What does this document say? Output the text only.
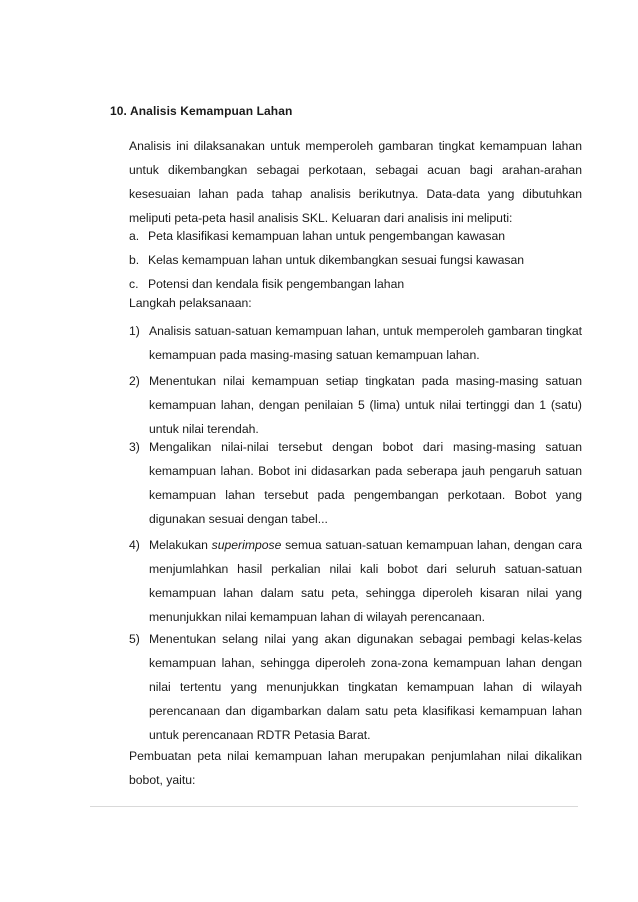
10. Analisis Kemampuan Lahan

Analisis ini dilaksanakan untuk memperoleh gambaran tingkat kemampuan lahan untuk dikembangkan sebagai perkotaan, sebagai acuan bagi arahan-arahan kesesuaian lahan pada tahap analisis berikutnya. Data-data yang dibutuhkan meliputi peta-peta hasil analisis SKL. Keluaran dari analisis ini meliputi:

a. Peta klasifikasi kemampuan lahan untuk pengembangan kawasan
b. Kelas kemampuan lahan untuk dikembangkan sesuai fungsi kawasan
c. Potensi dan kendala fisik pengembangan lahan
Langkah pelaksanaan:
1) Analisis satuan-satuan kemampuan lahan, untuk memperoleh gambaran tingkat kemampuan pada masing-masing satuan kemampuan lahan.

2) Menentukan nilai kemampuan setiap tingkatan pada masing-masing satuan kemampuan lahan, dengan penilaian 5 (lima) untuk nilai tertinggi dan 1 (satu) untuk nilai terendah.

3) Mengalikan nilai-nilai tersebut dengan bobot dari masing-masing satuan kemampuan lahan. Bobot ini didasarkan pada seberapa jauh pengaruh satuan kemampuan lahan tersebut pada pengembangan perkotaan. Bobot yang digunakan sesuai dengan tabel...

4) Melakukan superimpose semua satuan-satuan kemampuan lahan, dengan cara menjumlahkan hasil perkalian nilai kali bobot dari seluruh satuan-satuan kemampuan lahan dalam satu peta, sehingga diperoleh kisaran nilai yang menunjukkan nilai kemampuan lahan di wilayah perencanaan.

5) Menentukan selang nilai yang akan digunakan sebagai pembagi kelas-kelas kemampuan lahan, sehingga diperoleh zona-zona kemampuan lahan dengan nilai tertentu yang menunjukkan tingkatan kemampuan lahan di wilayah perencanaan dan digambarkan dalam satu peta klasifikasi kemampuan lahan untuk perencanaan RDTR Petasia Barat.

Pembuatan peta nilai kemampuan lahan merupakan penjumlahan nilai dikalikan bobot, yaitu:
